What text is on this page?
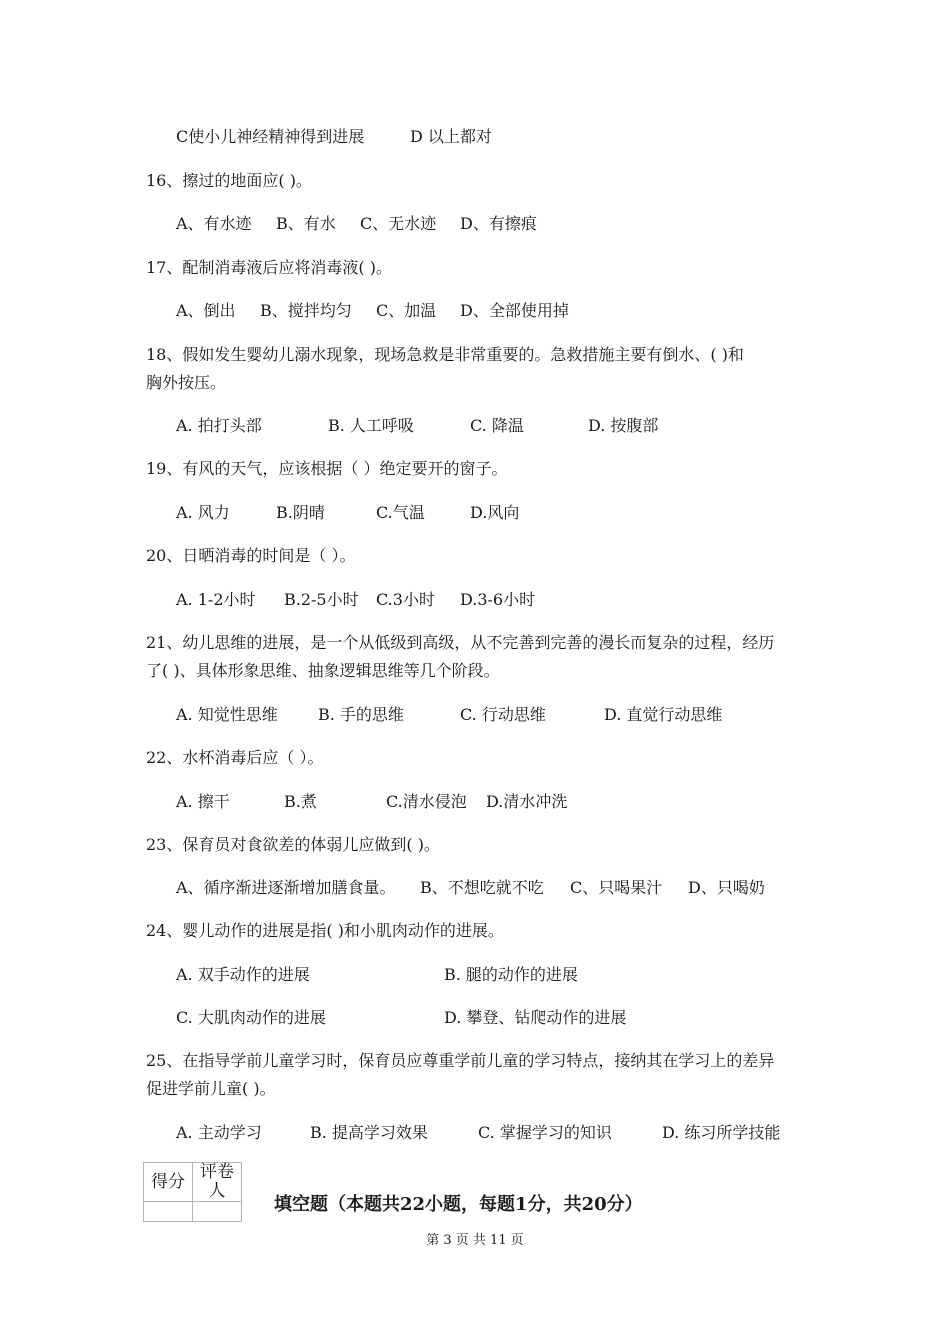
C使小儿神经精神得到进展	D 以上都对
16、擦过的地面应( )。
A、有水迹 B、有水 C、无水迹 D、有擦痕
17、配制消毒液后应将消毒液( )。
A、倒出 B、搅拌均匀 C、加温 D、全部使用掉
18、假如发生婴幼儿溺水现象，现场急救是非常重要的。急救措施主要有倒水、( )和
胸外按压。
A. 拍打头部	B. 人工呼吸	C. 降温	D. 按腹部
19、有风的天气，应该根据（ ）绝定要开的窗子。
A. 风力	B.阴晴	C.气温	D.风向
20、日晒消毒的时间是（ ）。
A. 1-2小时 B.2-5小时 C.3小时 D.3-6小时
21、幼儿思维的进展，是一个从低级到高级，从不完善到完善的漫长而复杂的过程，经历
了( )、具体形象思维、抽象逻辑思维等几个阶段。
A. 知觉性思维	B. 手的思维	C. 行动思维	D. 直觉行动思维
22、水杯消毒后应（ ）。
A. 擦干	B.煮	C.清水侵泡 D.清水冲洗
23、保育员对食欲差的体弱儿应做到( )。
A、循序渐进逐渐增加膳食量。 B、不想吃就不吃 C、只喝果汁 D、只喝奶
24、婴儿动作的进展是指( )和小肌肉动作的进展。
A. 双手动作的进展	B. 腿的动作的进展
C. 大肌肉动作的进展	D. 攀登、钻爬动作的进展
25、在指导学前儿童学习时，保育员应尊重学前儿童的学习特点，接纳其在学习上的差异
促进学前儿童( )。
A. 主动学习	B. 提高学习效果	C. 掌握学习的知识	D. 练习所学技能
得分	评卷人

填空题（本题共22小题，每题1分，共20分）
第 3 页 共 11 页
